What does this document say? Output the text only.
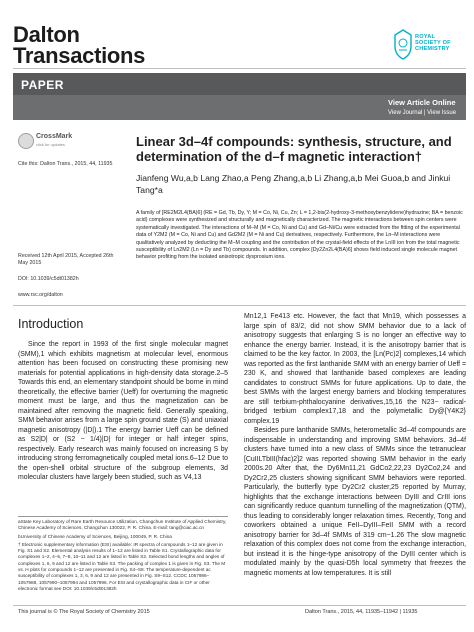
Dalton
Transactions
ROYAL SOCIETY OF CHEMISTRY
PAPER
View Article Online
View Journal | View Issue
CrossMark
click for updates
Cite this: Dalton Trans., 2015, 44, 11935
Received 12th April 2015, Accepted 26th May 2015
DOI: 10.1039/c5dt01382h
www.rsc.org/dalton
Linear 3d–4f compounds: synthesis, structure, and determination of the d–f magnetic interaction†
Jianfeng Wu,a,b Lang Zhao,a Peng Zhang,a,b Li Zhang,a,b Mei Guoa,b and Jinkui Tang*a
A family of [RE2M2L4(BA)6] (RE = Gd, Tb, Dy, Y; M = Co, Ni, Cu, Zn; L = 1,2-bis(2-hydroxy-3-methoxybenzylidene)hydrazine; BA = benzoic acid) complexes were synthesized and structurally and magnetically characterized. The magnetic interactions between spin centers were systematically investigated. The interactions of M–M (M = Co, Ni and Cu) and Gd–Ni/Cu were extracted from the fitting of the experimental data of Y2M2 (M = Co, Ni and Cu) and Gd2M2 (M = Ni and Cu) derivatives, respectively. Furthermore, the Ln–M interactions were qualitatively analyzed by deducting the M–M coupling and the contribution of the crystal-field effects of the LnIII ion from the total magnetic susceptibility of Ln2M2 (Ln = Dy and Tb) compounds. In addition, complex [Dy2Zn2L4(BA)6] shows field induced single molecule magnet behavior profiting from the isolated anisotropic dysprosium ions.
Introduction

Since the report in 1993 of the first single molecular magnet (SMM),1 which exhibits magnetism at molecular level, enormous attention has been focused on constructing these promising new materials for potential applications in high-density data storage.2–5 Towards this end, an elementary standpoint should be borne in mind theoretically, the effective barrier (Ueff) for overturning the magnetic moment must be large, and thus the magnetization can be maintained after removing the magnetic field. Generally speaking, SMM behavior arises from a large spin ground state (S) and uniaxial magnetic anisotropy (|D|).1 The energy barrier Ueff can be defined as S2|D| or (S2 − 1/4)|D| for integer or half integer spins, respectively. Early research was mainly focused on increasing S by introducing strong ferromagnetically coupled metal ions.6–12 Due to the open-shell orbital structure of the subgroup elements, 3d molecular clusters have largely been studied, such as V4,13

aState Key Laboratory of Rare Earth Resource Utilization, Changchun Institute of Applied Chemistry, Chinese Academy of Sciences, Changchun 130022, P. R. China. E-mail: tang@ciac.ac.cn

bUniversity of Chinese Academy of Sciences, Beijing, 100049, P. R. China

† Electronic supplementary information (ESI) available: IR spectra of compounds 1–12 are given in Fig. S1 and S2. Elemental analysis results of 1–12 are listed in Table S1. Crystallographic data for complexes 1–2, 4–5, 7–8, 10–11 and 12 are listed in Table S2. Selected bond lengths and angles of complexes 1, 6, 9 and 12 are listed in Table S3. The packing of complex 1 is given in Fig. S3. The M vs. H plots for compounds 1–12 are presented in Fig. S4–S8. The temperature-dependent ac susceptibility of complexes 1, 3, 6, 9 and 12 are presented in Fig. S9–S12. CCDC 1057986–1057988, 1057990–1057994 and 1057996. For ESI and crystallographic data in CIF or other electronic format see DOI: 10.1039/c5dt01382h

Mn12,1 Fe413 etc. However, the fact that Mn19, which possesses a large spin of 83/2, did not show SMM behavior due to a lack of anisotropy suggests that enlarging S is no longer an effective way to enhance the energy barrier. Instead, it is the anisotropy barrier that is claimed to be the key factor. In 2003, the [Ln(Pc)2] complexes,14 which was reported as the first lanthanide SMM with an energy barrier of Ueff = 230 K, and showed that lanthanide based complexes are leading candidates to construct SMMs for future applications. Up to date, the best SMMs with the largest energy barriers and blocking temperatures are still terbium-phthalocyanine derivatives,15,16 the N23− radical-bridged terbium complex17,18 and the polymetallic Dy@{Y4K2} complex.19

Besides pure lanthanide SMMs, heterometallic 3d–4f compounds are indispensable in understanding and improving SMM behaviors. 3d–4f clusters have turned into a new class of SMMs since the tetranuclear [CuIILTbIII(hfac)2]2 was reported showing SMM behavior in the early 2000s.20 After that, the Dy6Mn11,21 GdCo2,22,23 Dy2Co2,24 and Dy2Cr2,25 clusters showing significant SMM behaviors were reported. Particularly, the butterfly type Dy2Cr2 cluster,25 reported by Murray, highlights that the exchange interactions between DyIII and CrIII ions can significantly reduce quantum tunnelling of the magnetization (QTM), thus leading to considerably longer relaxation times. Recently, Tong and coworkers obtained a unique FeII–DyIII–FeII SMM with a record anisotropy barrier for 3d–4f SMMs of 319 cm−1.26 The slow magnetic relaxation of this complex does not come from the exchange interaction, but instead it is the hinge-type anisotropy of the DyIII center which is modulated mainly by the quasi-D5h local symmetry that freezes the magnetic moments at low temperatures. It is still

This journal is © The Royal Society of Chemistry 2015	Dalton Trans., 2015, 44, 11935–11942 | 11935
